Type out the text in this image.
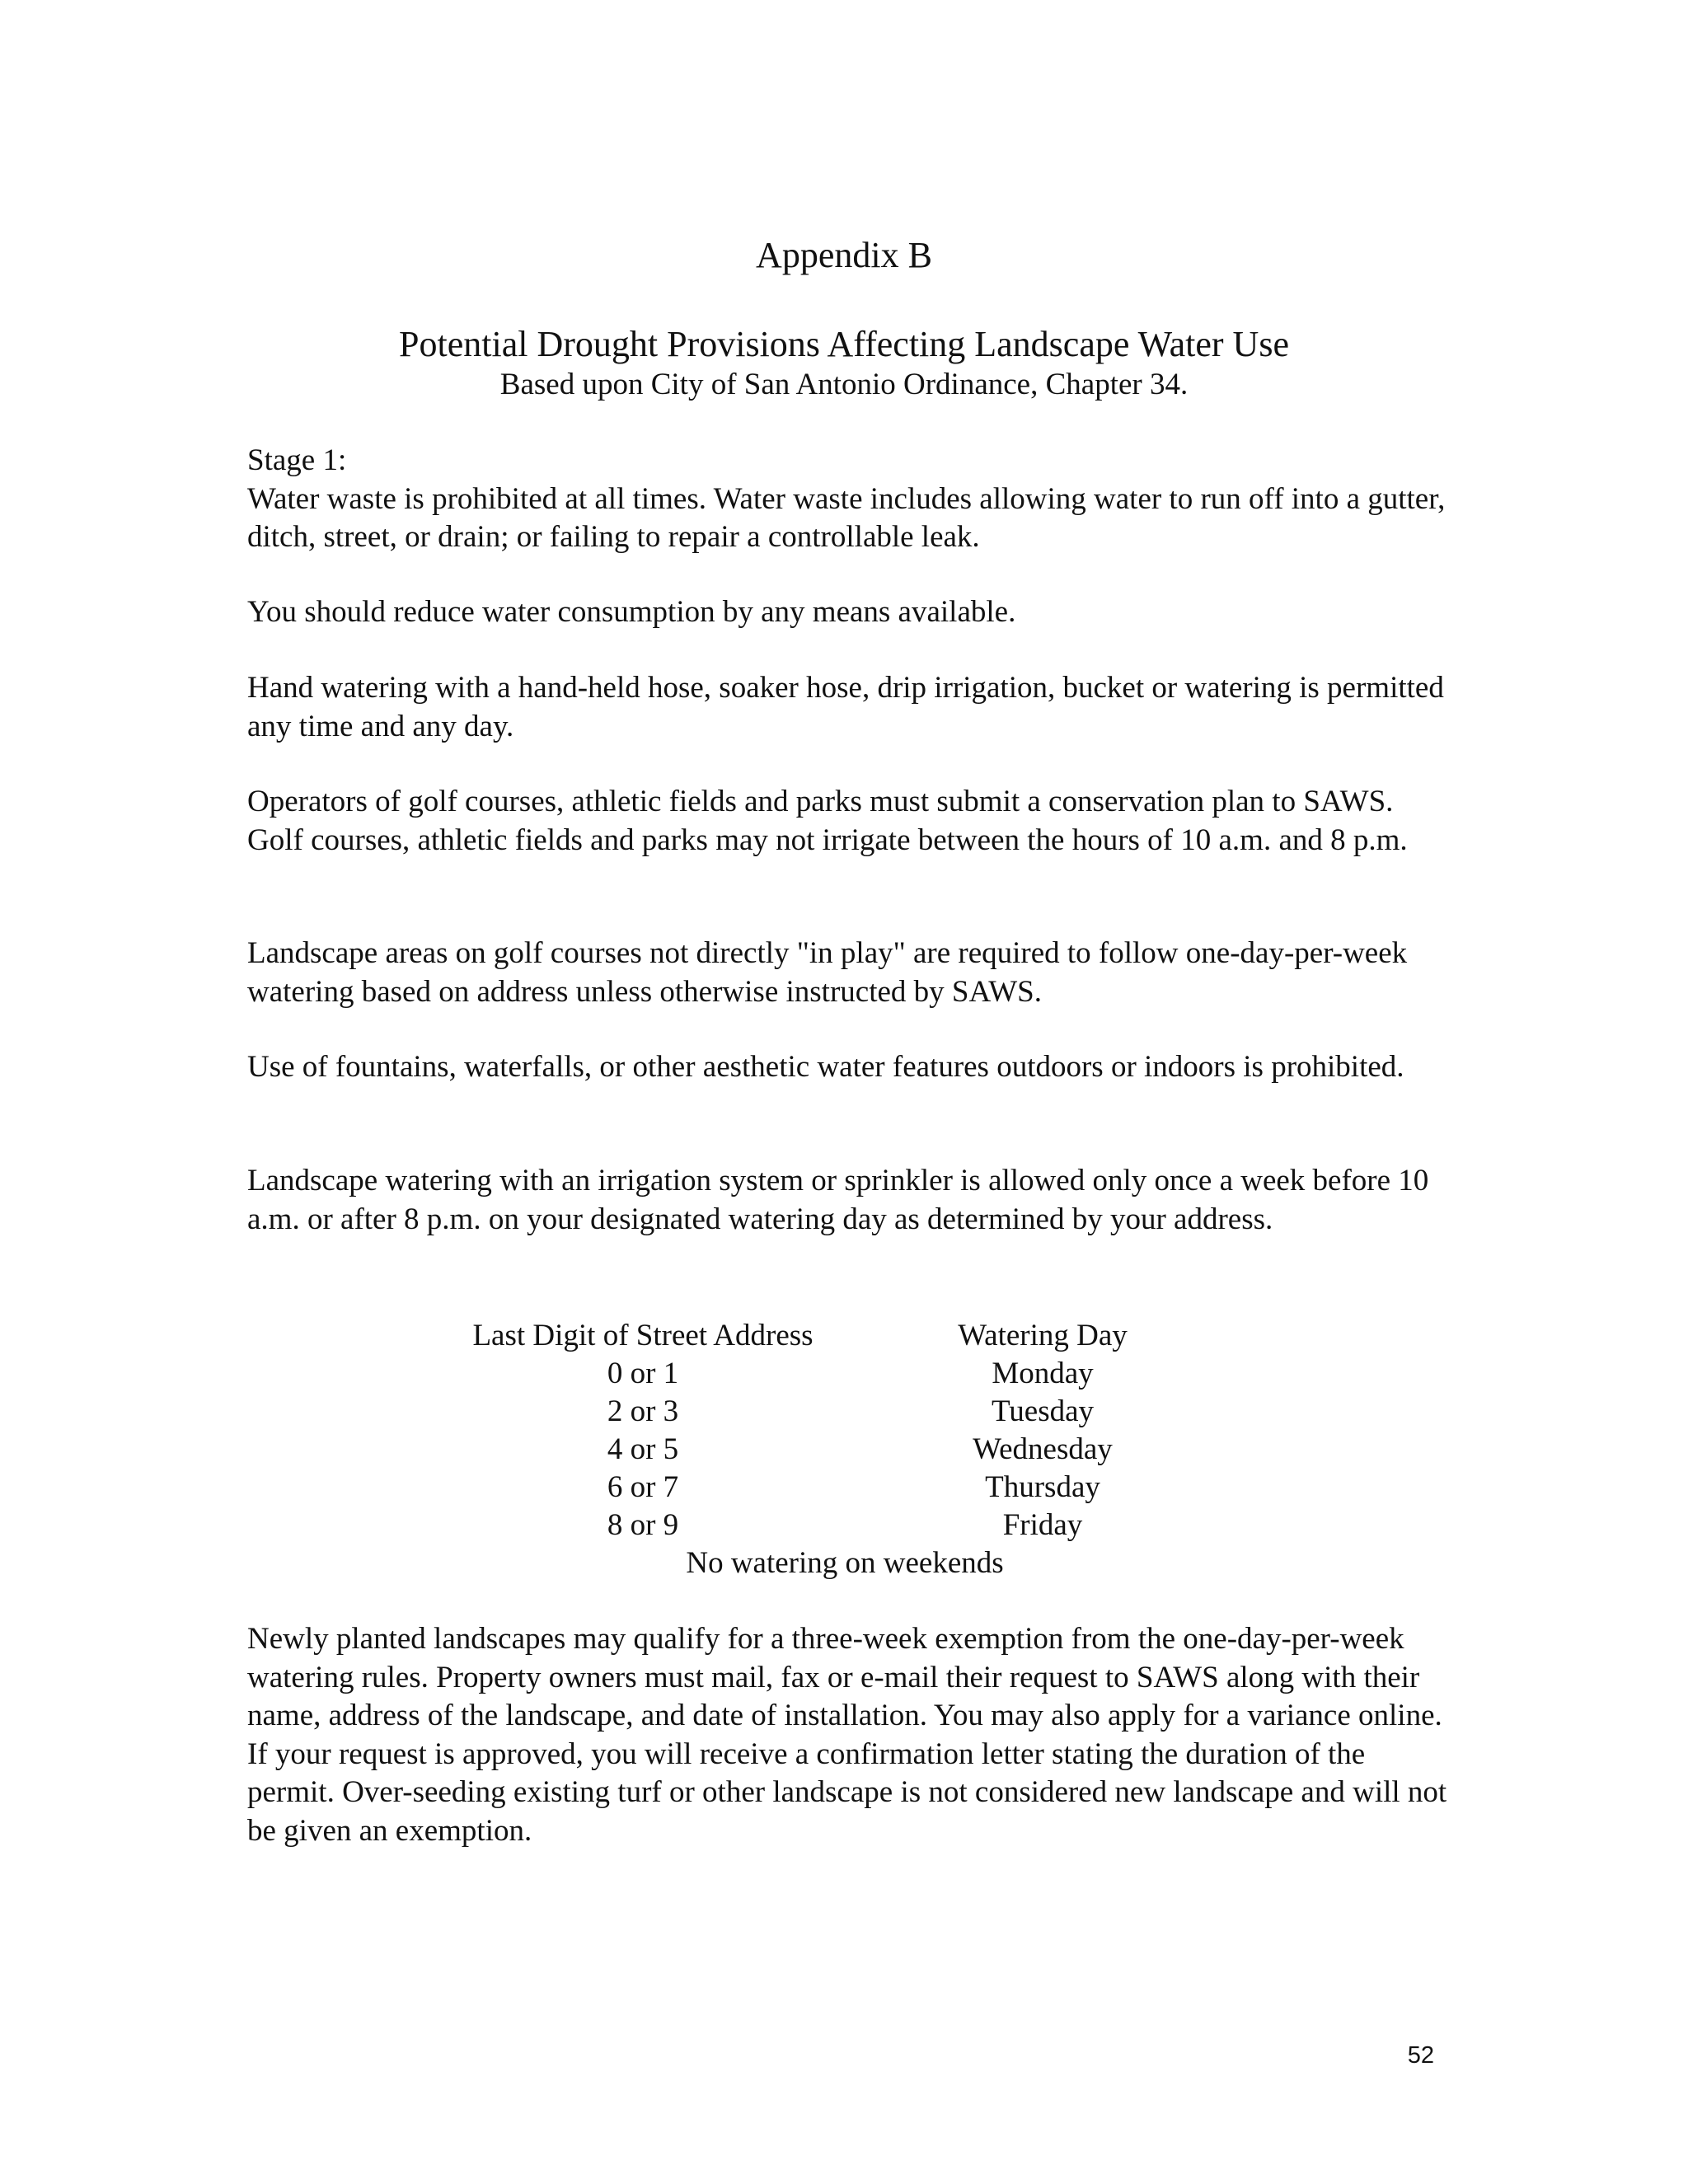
Appendix B
Potential Drought Provisions Affecting Landscape Water Use

Based upon City of San Antonio Ordinance, Chapter 34.

Stage 1:
Water waste is prohibited at all times. Water waste includes allowing water to run off into a gutter, ditch, street, or drain; or failing to repair a controllable leak.

You should reduce water consumption by any means available.

Hand watering with a hand-held hose, soaker hose, drip irrigation, bucket or watering is permitted any time and any day.

Operators of golf courses, athletic fields and parks must submit a conservation plan to SAWS. Golf courses, athletic fields and parks may not irrigate between the hours of 10 a.m. and 8 p.m.

Landscape areas on golf courses not directly "in play" are required to follow one-day-per-week watering based on address unless otherwise instructed by SAWS.

Use of fountains, waterfalls, or other aesthetic water features outdoors or indoors is prohibited.

Landscape watering with an irrigation system or sprinkler is allowed only once a week before 10 a.m. or after 8 p.m. on your designated watering day as determined by your address.

Last Digit of Street Address	Watering Day
0 or 1	Monday
2 or 3	Tuesday
4 or 5	Wednesday
6 or 7	Thursday
8 or 9	Friday
No watering on weekends

Newly planted landscapes may qualify for a three-week exemption from the one-day-per-week watering rules. Property owners must mail, fax or e-mail their request to SAWS along with their name, address of the landscape, and date of installation. You may also apply for a variance online. If your request is approved, you will receive a confirmation letter stating the duration of the permit. Over-seeding existing turf or other landscape is not considered new landscape and will not be given an exemption.

52
